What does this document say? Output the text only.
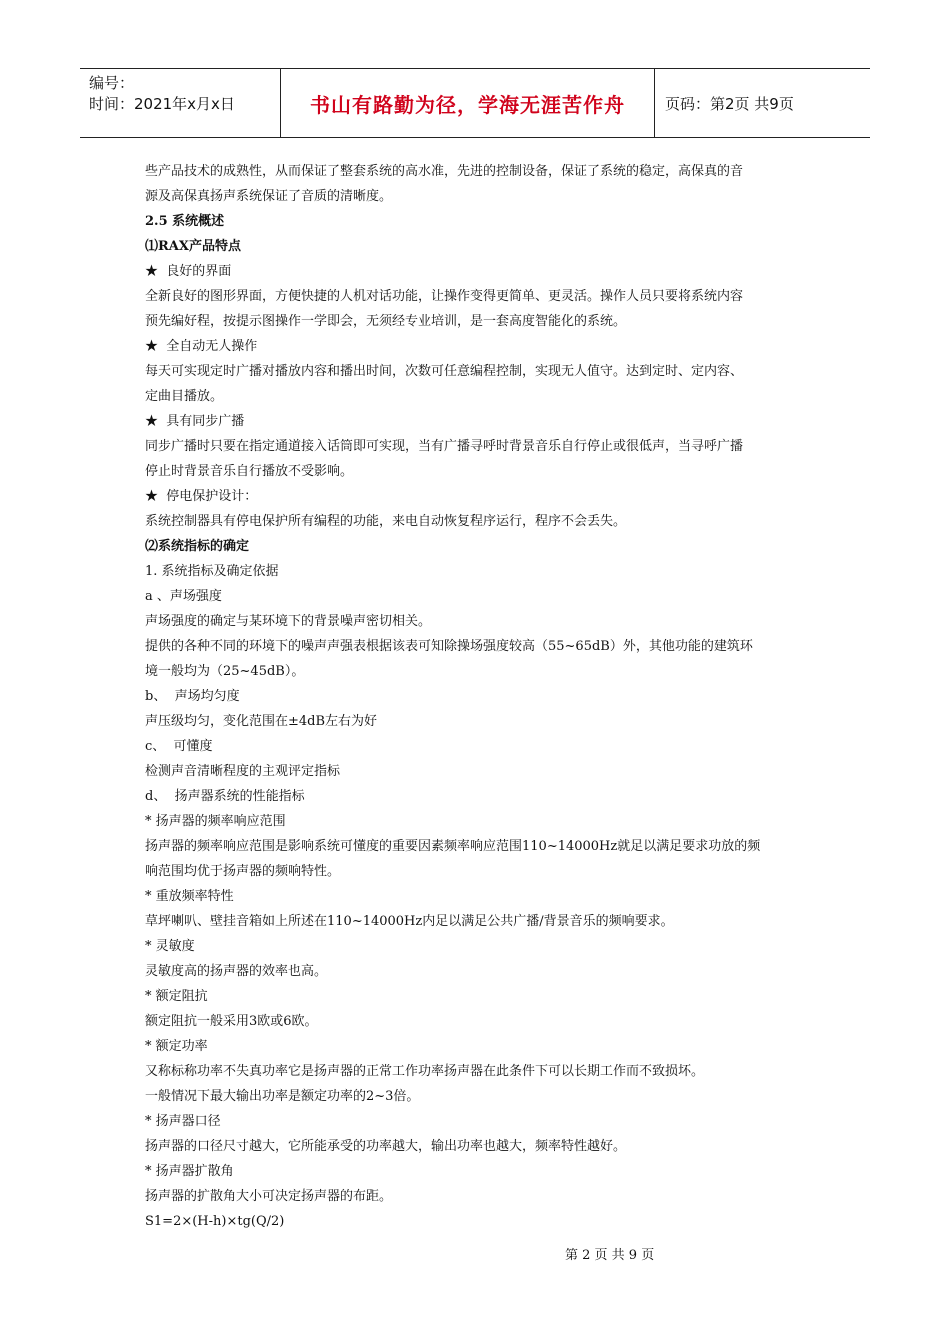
编号：
时间：2021年x月x日	书山有路勤为径，学海无涯苦作舟	页码：第2页 共9页

些产品技术的成熟性，从而保证了整套系统的高水准，先进的控制设备，保证了系统的稳定，高保真的音

源及高保真扬声系统保证了音质的清晰度。

2.5 系统概述

⑴RAX产品特点

★  良好的界面

全新良好的图形界面，方便快捷的人机对话功能，让操作变得更简单、更灵活。操作人员只要将系统内容

预先编好程，按提示图操作一学即会，无须经专业培训，是一套高度智能化的系统。

★  全自动无人操作

每天可实现定时广播对播放内容和播出时间，次数可任意编程控制，实现无人值守。达到定时、定内容、

定曲目播放。

★  具有同步广播

同步广播时只要在指定通道接入话筒即可实现，当有广播寻呼时背景音乐自行停止或很低声，当寻呼广播

停止时背景音乐自行播放不受影响。

★  停电保护设计：

系统控制器具有停电保护所有编程的功能，来电自动恢复程序运行，程序不会丢失。

⑵系统指标的确定

1. 系统指标及确定依据

a 、声场强度

声场强度的确定与某环境下的背景噪声密切相关。

提供的各种不同的环境下的噪声声强表根据该表可知除操场强度较高（55~65dB）外，其他功能的建筑环

境一般均为（25~45dB）。

b、  声场均匀度

声压级均匀，变化范围在±4dB左右为好

c、  可懂度

检测声音清晰程度的主观评定指标

d、  扬声器系统的性能指标

* 扬声器的频率响应范围

扬声器的频率响应范围是影响系统可懂度的重要因素频率响应范围110~14000Hz就足以满足要求功放的频

响范围均优于扬声器的频响特性。

* 重放频率特性

草坪喇叭、壁挂音箱如上所述在110~14000Hz内足以满足公共广播/背景音乐的频响要求。

* 灵敏度

灵敏度高的扬声器的效率也高。

* 额定阻抗

额定阻抗一般采用3欧或6欧。

* 额定功率

又称标称功率不失真功率它是扬声器的正常工作功率扬声器在此条件下可以长期工作而不致损坏。

一般情况下最大输出功率是额定功率的2~3倍。

* 扬声器口径

扬声器的口径尺寸越大，它所能承受的功率越大，输出功率也越大，频率特性越好。

* 扬声器扩散角

扬声器的扩散角大小可决定扬声器的布距。

S1=2×(H-h)×tg(Q/2)

第 2 页 共 9 页
